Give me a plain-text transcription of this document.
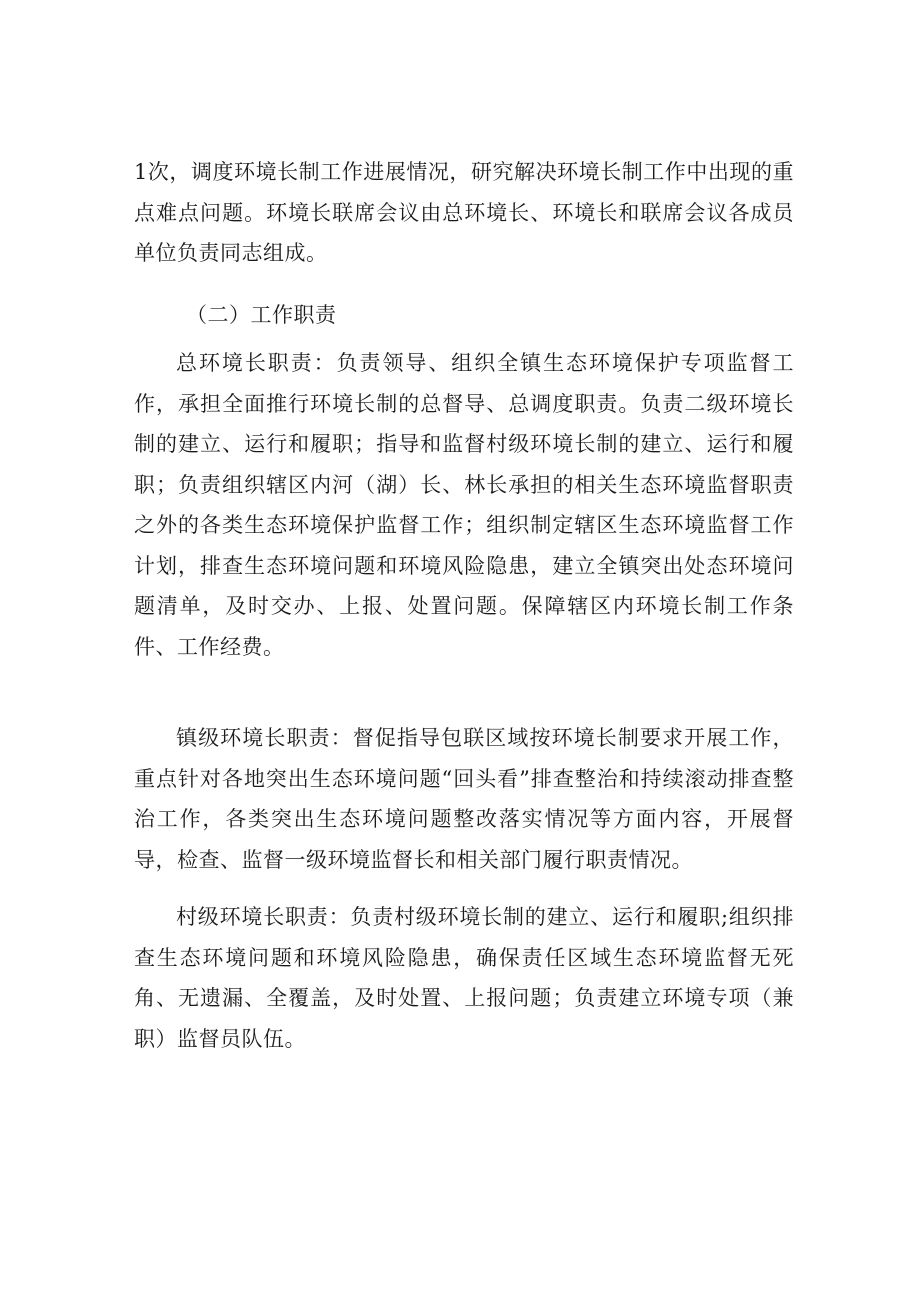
1次，调度环境长制工作进展情况，研究解决环境长制工作中出现的重点难点问题。环境长联席会议由总环境长、环境长和联席会议各成员单位负责同志组成。

（二）工作职责

总环境长职责：负责领导、组织全镇生态环境保护专项监督工作，承担全面推行环境长制的总督导、总调度职责。负责二级环境长制的建立、运行和履职；指导和监督村级环境长制的建立、运行和履职；负责组织辖区内河（湖）长、林长承担的相关生态环境监督职责之外的各类生态环境保护监督工作；组织制定辖区生态环境监督工作计划，排查生态环境问题和环境风险隐患，建立全镇突出处态环境问题清单，及时交办、上报、处置问题。保障辖区内环境长制工作条件、工作经费。

镇级环境长职责：督促指导包联区域按环境长制要求开展工作，重点针对各地突出生态环境问题“回头看”排查整治和持续滚动排查整治工作，各类突出生态环境问题整改落实情况等方面内容，开展督导，检查、监督一级环境监督长和相关部门履行职责情况。

村级环境长职责：负责村级环境长制的建立、运行和履职;组织排查生态环境问题和环境风险隐患，确保责任区域生态环境监督无死角、无遗漏、全覆盖，及时处置、上报问题；负责建立环境专项（兼职）监督员队伍。
